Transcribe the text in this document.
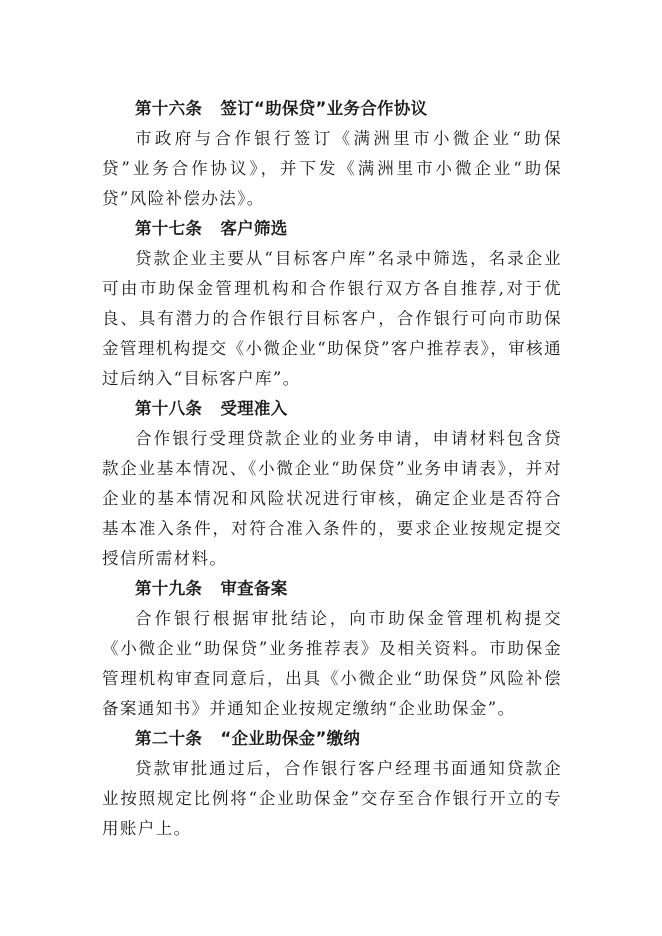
第十六条   签订“助保贷”业务合作协议

市政府与合作银行签订《满洲里市小微企业“助保贷”业务合作协议》，并下发《满洲里市小微企业“助保贷”风险补偿办法》。

第十七条   客户筛选

贷款企业主要从“目标客户库”名录中筛选，名录企业可由市助保金管理机构和合作银行双方各自推荐,对于优良、具有潜力的合作银行目标客户，合作银行可向市助保金管理机构提交《小微企业“助保贷”客户推荐表》，审核通过后纳入“目标客户库”。

第十八条   受理准入

合作银行受理贷款企业的业务申请，申请材料包含贷款企业基本情况、《小微企业“助保贷”业务申请表》，并对企业的基本情况和风险状况进行审核，确定企业是否符合基本准入条件，对符合准入条件的，要求企业按规定提交授信所需材料。

第十九条   审查备案

合作银行根据审批结论，向市助保金管理机构提交《小微企业“助保贷”业务推荐表》及相关资料。市助保金管理机构审查同意后，出具《小微企业“助保贷”风险补偿备案通知书》并通知企业按规定缴纳“企业助保金”。

第二十条   “企业助保金”缴纳

贷款审批通过后，合作银行客户经理书面通知贷款企业按照规定比例将“企业助保金”交存至合作银行开立的专用账户上。
